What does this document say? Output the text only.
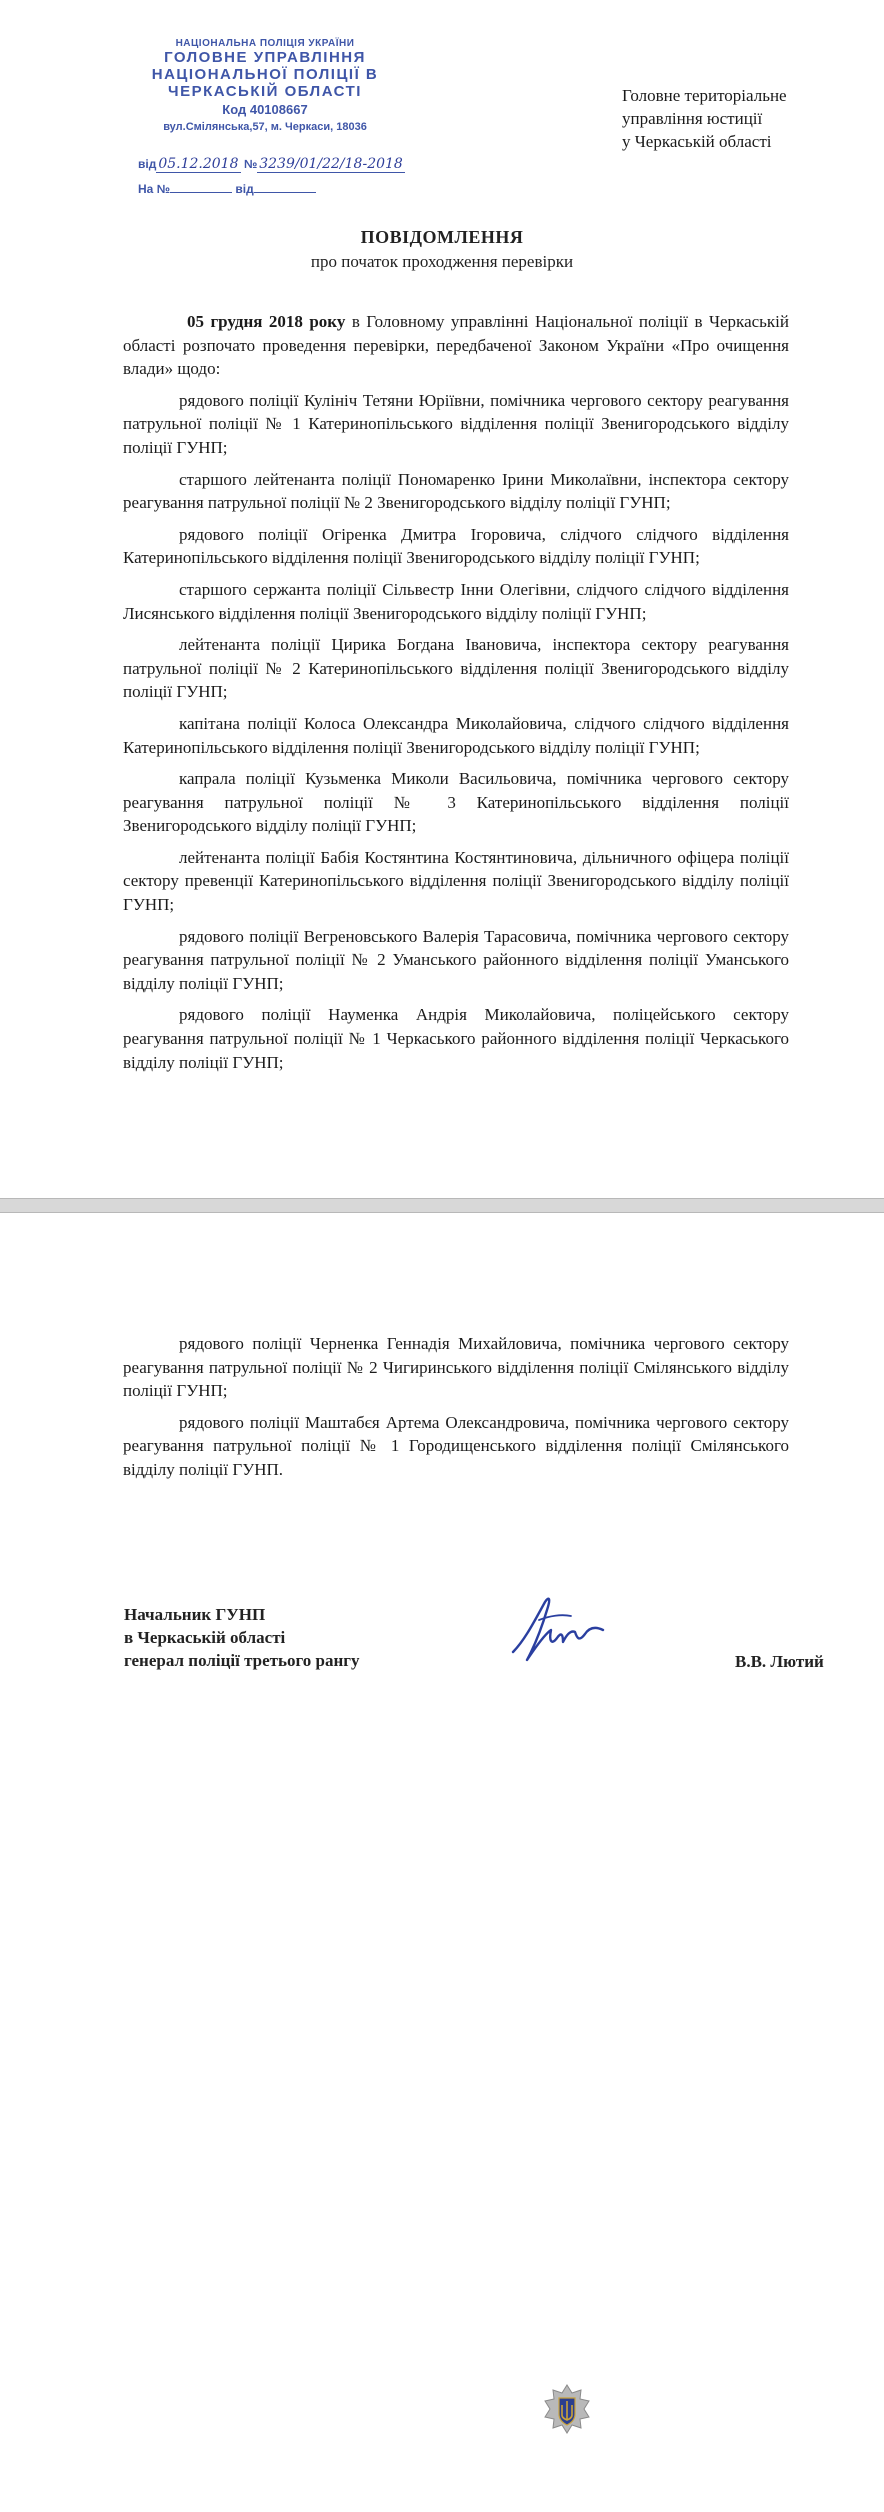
НАЦІОНАЛЬНА ПОЛІЦІЯ УКРАЇНИ
ГОЛОВНЕ УПРАВЛІННЯ
НАЦІОНАЛЬНОЇ ПОЛІЦІЇ В
ЧЕРКАСЬКІЙ ОБЛАСТІ
Код 40108667
вул.Смілянська,57, м. Черкаси, 18036
від 05.12.2018 № 3239/01/22/18-2018
На №	від
Головне територіальне
управління юстиції
у Черкаській області
ПОВІДОМЛЕННЯ
про початок проходження перевірки

05 грудня 2018 року в Головному управлінні Національної поліції в Черкаській області розпочато проведення перевірки, передбаченої Законом України «Про очищення влади» щодо:

рядового поліції Кулініч Тетяни Юріївни, помічника чергового сектору реагування патрульної поліції № 1 Катеринопільського відділення поліції Звенигородського відділу поліції ГУНП;

старшого лейтенанта поліції Пономаренко Ірини Миколаївни, інспектора сектору реагування патрульної поліції № 2 Звенигородського відділу поліції ГУНП;

рядового поліції Огіренка Дмитра Ігоровича, слідчого слідчого відділення Катеринопільського відділення поліції Звенигородського відділу поліції ГУНП;

старшого сержанта поліції Сільвестр Інни Олегівни, слідчого слідчого відділення Лисянського відділення поліції Звенигородського відділу поліції ГУНП;

лейтенанта поліції Цирика Богдана Івановича, інспектора сектору реагування патрульної поліції № 2 Катеринопільського відділення поліції Звенигородського відділу поліції ГУНП;

капітана поліції Колоса Олександра Миколайовича, слідчого слідчого відділення Катеринопільського відділення поліції Звенигородського відділу поліції ГУНП;

капрала поліції Кузьменка Миколи Васильовича, помічника чергового сектору реагування патрульної поліції № 3 Катеринопільського відділення поліції Звенигородського відділу поліції ГУНП;

лейтенанта поліції Бабія Костянтина Костянтиновича, дільничного офіцера поліції сектору превенції Катеринопільського відділення поліції Звенигородського відділу поліції ГУНП;

рядового поліції Вегреновського Валерія Тарасовича, помічника чергового сектору реагування патрульної поліції № 2 Уманського районного відділення поліції Уманського відділу поліції ГУНП;

рядового поліції Науменка Андрія Миколайовича, поліцейського сектору реагування патрульної поліції № 1 Черкаського районного відділення поліції Черкаського відділу поліції ГУНП;

рядового поліції Черненка Геннадія Михайловича, помічника чергового сектору реагування патрульної поліції № 2 Чигиринського відділення поліції Смілянського відділу поліції ГУНП;

рядового поліції Маштабєя Артема Олександровича, помічника чергового сектору реагування патрульної поліції № 1 Городищенського відділення поліції Смілянського відділу поліції ГУНП.

Начальник ГУНП
в Черкаській області
генерал поліції третього рангу	В.В. Лютий
